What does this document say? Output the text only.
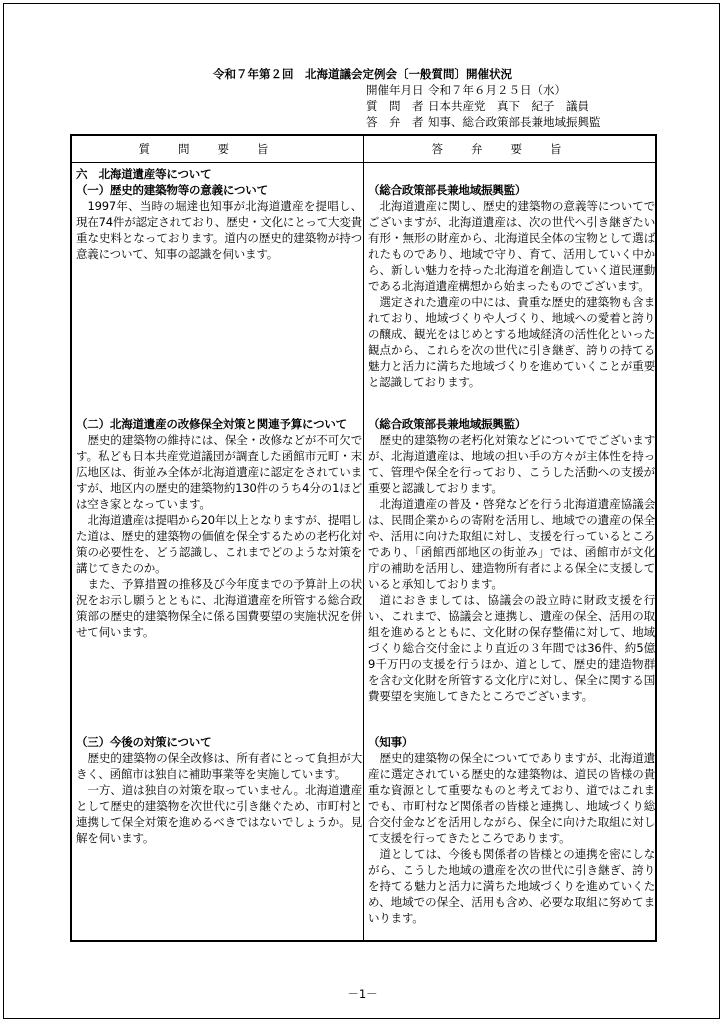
令和７年第２回　北海道議会定例会〔一般質問〕開催状況
開催年月日 令和７年６月２５日（水）
質　問　者 日本共産党　真下　紀子　議員
答　弁　者 知事、総合政策部長兼地域振興監
質問要旨	答弁要旨

六　北海道遺産等について

（一）歴史的建築物等の意義について

1997年、当時の堀達也知事が北海道遺産を提唱し、現在74件が認定されており、歴史・文化にとって大変貴重な史料となっております。道内の歴史的建築物が持つ意義について、知事の認識を伺います。

（総合政策部長兼地域振興監）

北海道遺産に関し、歴史的建築物の意義等についてでございますが、北海道遺産は、次の世代へ引き継ぎたい有形・無形の財産から、北海道民全体の宝物として選ばれたものであり、地域で守り、育て、活用していく中から、新しい魅力を持った北海道を創造していく道民運動である北海道遺産構想から始まったものでございます。

選定された遺産の中には、貴重な歴史的建築物も含まれており、地域づくりや人づくり、地域への愛着と誇りの醸成、観光をはじめとする地域経済の活性化といった観点から、これらを次の世代に引き継ぎ、誇りの持てる魅力と活力に満ちた地域づくりを進めていくことが重要と認識しております。

（二）北海道遺産の改修保全対策と関連予算について

歴史的建築物の維持には、保全・改修などが不可欠です。私ども日本共産党道議団が調査した函館市元町・末広地区は、街並み全体が北海道遺産に認定をされていますが、地区内の歴史的建築物約130件のうち4分の1ほどは空き家となっています。

北海道遺産は提唱から20年以上となりますが、提唱した道は、歴史的建築物の価値を保全するための老朽化対策の必要性を、どう認識し、これまでどのような対策を講じてきたのか。

また、予算措置の推移及び今年度までの予算計上の状況をお示し願うとともに、北海道遺産を所管する総合政策部の歴史的建築物保全に係る国費要望の実施状況を併せて伺います。

（総合政策部長兼地域振興監）

歴史的建築物の老朽化対策などについてでございますが、北海道遺産は、地域の担い手の方々が主体性を持って、管理や保全を行っており、こうした活動への支援が重要と認識しております。

北海道遺産の普及・啓発などを行う北海道遺産協議会は、民間企業からの寄附を活用し、地域での遺産の保全や、活用に向けた取組に対し、支援を行っているところであり、「函館西部地区の街並み」では、函館市が文化庁の補助を活用し、建造物所有者による保全に支援していると承知しております。

道におきましては、協議会の設立時に財政支援を行い、これまで、協議会と連携し、遺産の保全、活用の取組を進めるとともに、文化財の保存整備に対して、地域づくり総合交付金により直近の３年間では36件、約5億9千万円の支援を行うほか、道として、歴史的建造物群を含む文化財を所管する文化庁に対し、保全に関する国費要望を実施してきたところでございます。

（三）今後の対策について

歴史的建築物の保全改修は、所有者にとって負担が大きく、函館市は独自に補助事業等を実施しています。

一方、道は独自の対策を取っていません。北海道遺産として歴史的建築物を次世代に引き継ぐため、市町村と連携して保全対策を進めるべきではないでしょうか。見解を伺います。

（知事）

歴史的建築物の保全についてでありますが、北海道遺産に選定されている歴史的な建築物は、道民の皆様の貴重な資源として重要なものと考えており、道ではこれまでも、市町村など関係者の皆様と連携し、地域づくり総合交付金などを活用しながら、保全に向けた取組に対して支援を行ってきたところであります。

道としては、今後も関係者の皆様との連携を密にしながら、こうした地域の遺産を次の世代に引き継ぎ、誇りを持てる魅力と活力に満ちた地域づくりを進めていくため、地域での保全、活用も含め、必要な取組に努めてまいります。

－1－
